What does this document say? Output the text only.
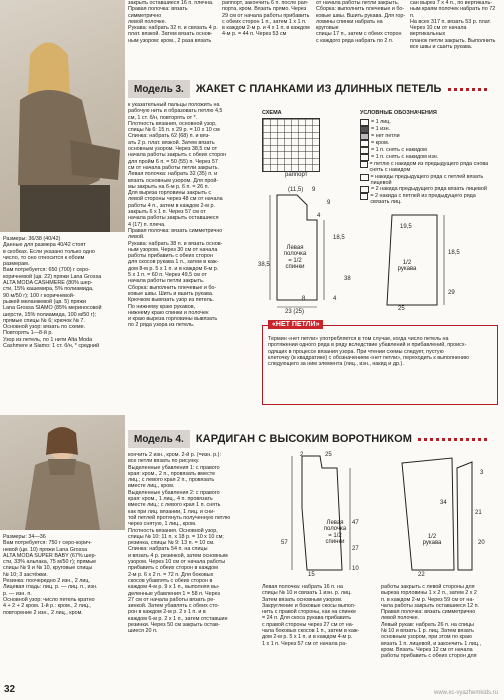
закрыть оставшиеся 16 п. плечна.
Правая полочка: вязать симметрично
левой полочке.
Рукава: набрать 32 п. и связать 4 р.
плат. вязкой. Затем вязать основ-
ным узором: кром., 2 раза вязать
раппорт, закончить 6 п. после рап-
порта, кром. Вязать прямо. Через
29 см от начала работы прибавить
с обеих сторон 1 п., затем 1 x 1 п.
в каждом 2-м р. и 4 x 1 п. в каждом
4-м р. = 44 п. Через 53 см
от начала работы петли закрыть.
Сборка: выполнить плечевые и бо-
ковые швы. Вшить рукава. Для гор-
ловины спинки набрать на круговые
спицы 17 п., затем с обеих сторон
с каждого ряда набрать по 2 п.
сан вырез 7 x 4 п., по вертикаль-
ным краям полочек набрать по 72 п.
На всех 317 п. вязать 53 р. плат.
Через 10 см от начала вертикальных
планок петли закрыть. Выполнить
все швы и сшить рукава.
Модель 3.	ЖАКЕТ С ПЛАНКАМИ ИЗ ДЛИННЫХ ПЕТЕЛЬ
Размеры: 36/38 (40/42)
Данные для размера 40/42 стоят
в скобках. Если указано только одно
число, то оно относится к обоим
размерам.
Вам потребуется: 650 (700) г серо-
коричневой (цв. 22) пряжи Lana Grossa
ALTA MODA CASHMERE (80% шер-
сти, 15% кашемира, 5% полиамида,
90 м/50 г); 100 г коричневой-
рыжей меланжевой (цв. 5) пряжи
Lana Grossa SIAMO (85% мериносовой
шерсти, 15% полиамида, 100 м/50 г);
прямые спицы № 6; крючок № 7.
Основной узор: вязать по схеме.
Повторять 1—8-й р.
Узор из петель, по 1 нити Alta Moda
Cashmere и Siamo: 1 ст. б/н, * средний
к указательный пальцы положить на
рабочую нить и образовать петлю 4,5
см, 1 ст. б/н, повторять от *.
Плотность вязания, основной узор,
спицы № 6: 15 п. x 29 р. = 10 x 10 см
Спинка: набрать 62 (68) п. и вяз-
ать 2 р. плат. вязкой. Затем вязать
основным узором. Через 38,5 см от
начала работы закрыть с обеих сторон
для пройм 6 п. = 50 (55) п. Через 57
см от начала работы петли закрыть.
Левая полочка: набрать 32 (35) п. и
вязать основным узором. Для прой-
мы закрыть на 6-м р. 6 п. = 26 п.
Для выреза горловины закрыть с
левой стороны через 48 см от начала
работы 4 п., затем в каждом 2-м р.
закрыть 6 x 1 п. Через 57 см от
начала работы закрыть оставшиеся
4 (17) п. плеча.
Правая полочка: вязать симметрично
левой.
Рукава: набрать 38 п. и вязать основ-
ным узором. Через 30 см от начала
работы прибавить с обеих сторон
для скосов рукава 1 п., затем в каж-
дом 8-м р. 5 x 1 п. и в каждом 6-м р.
5 x 1 п. = 60 п. Через 49,5 см от
начала работы петли закрыть.
Сборка: выполнить плечевые и бо-
ковые швы. Шить и вшить рукава.
Крючком вывязать узор из петель.
По нижнему краю рукавов,
нижнему краю спинки и полочек
и краю выреза горловины вывязать
по 2 ряда узора из петель.
СХЕМА
раппорт
УСЛОВНЫЕ ОБОЗНАЧЕНИЯ
= 1 лиц.
= 1 изн.
= нет петли
= кром.
= 1 п. снять с накидом
= 1 п. снять с накидом изн.
= петлю с накидом из предыдущего ряда снова снять с накидом
= накиды предыдущего ряда с петлей вязать лицевой
= 2 накида предыдущего ряда вязать лицевой
= 2 накида с петлей из предыдущего ряда связать лиц.
Левая
полочка
= 1/2
спинки
1/2
рукава
(11,5) 9
9
4
18,5
18,5
38,5
38
29
19,5
25
23 (25)
8	4
«НЕТ ПЕТЛИ»
Термин «нет петли» употребляется в том случае, когда число петель на
протяжении одного ряда в ряду вследствие убавлений и прибавлений, происх-
одящих в процессе вязания узора. При чтении схемы следует, пустую
клеточку (в квадратике) с обозначением «нет петли», переходить к выполнению
следующего за ним элемента (лиц., изн., накид и др.).
Модель 4.	КАРДИГАН С ВЫСОКИМ ВОРОТНИКОМ
Размеры: 34—36
Вам потребуется: 750 г серо-корич-
невой (цв. 10) пряжи Lana Grossa
ALTA MODA SUPER BABY (67% шер-
сти, 33% альпака, 75 м/50 г); прямые
спицы № 9 и № 10, круговые спицы
№ 10; 3 застёжки.
Резинка: поочередно 2 изн., 2 лиц.
Лицевая гладь: лиц. р. — лиц. п., изн.
р. — изн. п.
Основной узор: число петель кратно
4 + 2 + 2 кром. 1-й р.: кром., 2 лиц.,
повторение 2 изн., 2 лиц., кром.
кончить 2 изн., кром. 2-й р. (=изн. р.):
все петли вязать по рисунку.
Выделенные убавления 1: с правого
края: кром., 2 п., провязать вместе
лиц.; с левого края 2 п., провязать
вместе лиц., кром.
Выделенные убавления 2: с правого
края: кром., 1 лиц., 4 п. провязать
вместе лиц.; с левого края 1 п. снять
как при лиц. вязании, 1 лиц. и сни-
той петлей протянуть полученную петлю
через снятую, 1 лиц., кром.
Плотность вязания. Основной узор,
спицы № 10: 11 п. x 18 р. = 10 x 10 см;
резинка, спицы № 9: 13 п. = 10 см.
Спинка: набрать 54 п. на спицы
и вязать 4 р. резинкой, затем основным
узором. Через 10 см от начала работы
прибавить с обеих сторон в каждом
2-м р. 6 x 2 п. = 72 п. Для боковых
скосов убавлять с обеих сторон в
каждом 4-м р. 9 x 1 п., выполняя вы-
деленные убавления 1 = 58 п. Через
27 см от начала работы вязать ре-
зинкой. Затем убавлять с обеих сто-
рон в каждом 2-м р. 2 x 1 п. и в
каждом 6-м р. 2 x 1 п., затем отставшие
резинки. Через 50 см закрыть остав-
шиеся 20 п.
Левая
полочка
= 1/2
спинки
1/2
рукава
57
47
27
10
2	25
15
34
21
20
3
22
Левая полочка: набрать 16 п. на
спицы № 10 и связать 1 изн. р. лиц.
Затем вязать основным узором.
Закругление и боковые скосы выпол-
нить с правой стороны, как на спинке
= 24 п. Для скоса рукава прибавить
с правой стороны через 27 см от на-
чала боковых скосов 1 п., затем в каж-
дом 2-м р. 5 x 1 п. и в каждом 4-м р.
1 x 1 п. Через 57 см от начала ра-
работы закрыть с левой стороны для
выреза горловины 1 x 2 п., затем 2 x 2
п. в каждом 2-м р. Через 59 см от на-
чала работы закрыть оставшиеся 12 п.
Правая полочка: вязать симметрично
левой полочке.
Левый рукав: набрать 26 п. на спицы
№ 10 и вязать 1 р. лиц. Затем вязать
основным узором, при этом по краю
вязать 1 п. лицевой, и закончить 1 лиц.,
кром. Вязать. Через 12 см от начала
работы прибавить с обеих сторон для
32	www.xc-vyazhemkids.ru
